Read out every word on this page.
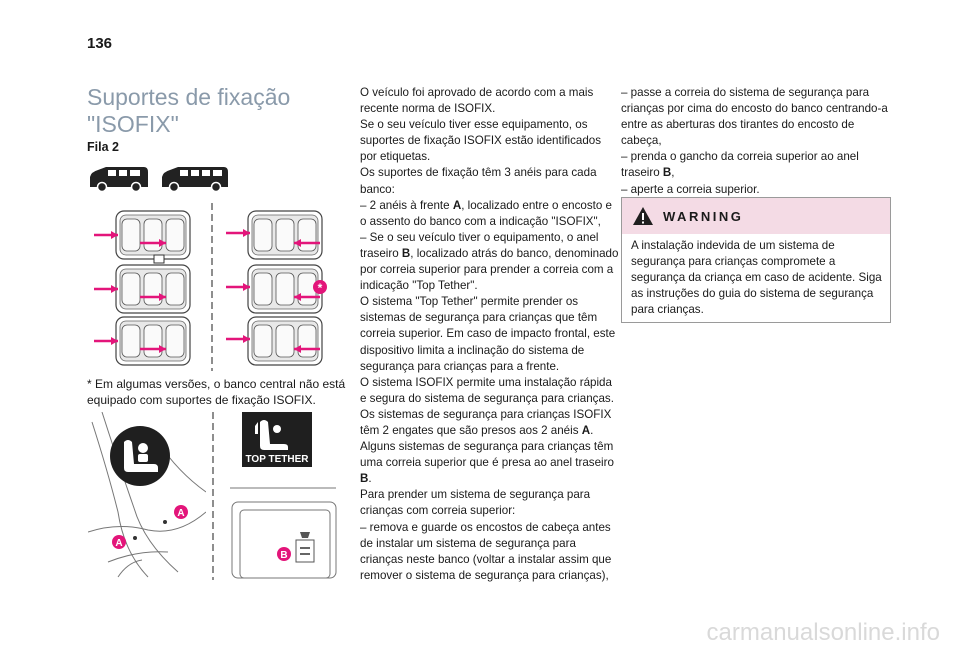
136
Suportes de fixação "ISOFIX"
Fila 2
*
* Em algumas versões, o banco central não está equipado com suportes de fixação ISOFIX.
A
A
TOP TETHER
B

O veículo foi aprovado de acordo com a mais recente norma de ISOFIX.

Se o seu veículo tiver esse equipamento, os suportes de fixação ISOFIX estão identificados por etiquetas.

Os suportes de fixação têm 3 anéis para cada banco:

– 2 anéis à frente A, localizado entre o encosto e o assento do banco com a indicação "ISOFIX",

– Se o seu veículo tiver o equipamento, o anel traseiro B, localizado atrás do banco, denominado por correia superior para prender a correia com a indicação "Top Tether".

O sistema "Top Tether" permite prender os sistemas de segurança para crianças que têm correia superior. Em caso de impacto frontal, este dispositivo limita a inclinação do sistema de segurança para crianças para a frente.

O sistema ISOFIX permite uma instalação rápida e segura do sistema de segurança para crianças.

Os sistemas de segurança para crianças ISOFIX têm 2 engates que são presos aos 2 anéis A.

Alguns sistemas de segurança para crianças têm uma correia superior que é presa ao anel traseiro B.

Para prender um sistema de segurança para crianças com correia superior:

– remova e guarde os encostos de cabeça antes de instalar um sistema de segurança para crianças neste banco (voltar a instalar assim que remover o sistema de segurança para crianças),

– passe a correia do sistema de segurança para crianças por cima do encosto do banco centrando-a entre as aberturas dos tirantes do encosto de cabeça,

– prenda o gancho da correia superior ao anel traseiro B,

– aperte a correia superior.

WARNING
A instalação indevida de um sistema de segurança para crianças compromete a segurança da criança em caso de acidente. Siga as instruções do guia do sistema de segurança para crianças.
carmanualsonline.info
